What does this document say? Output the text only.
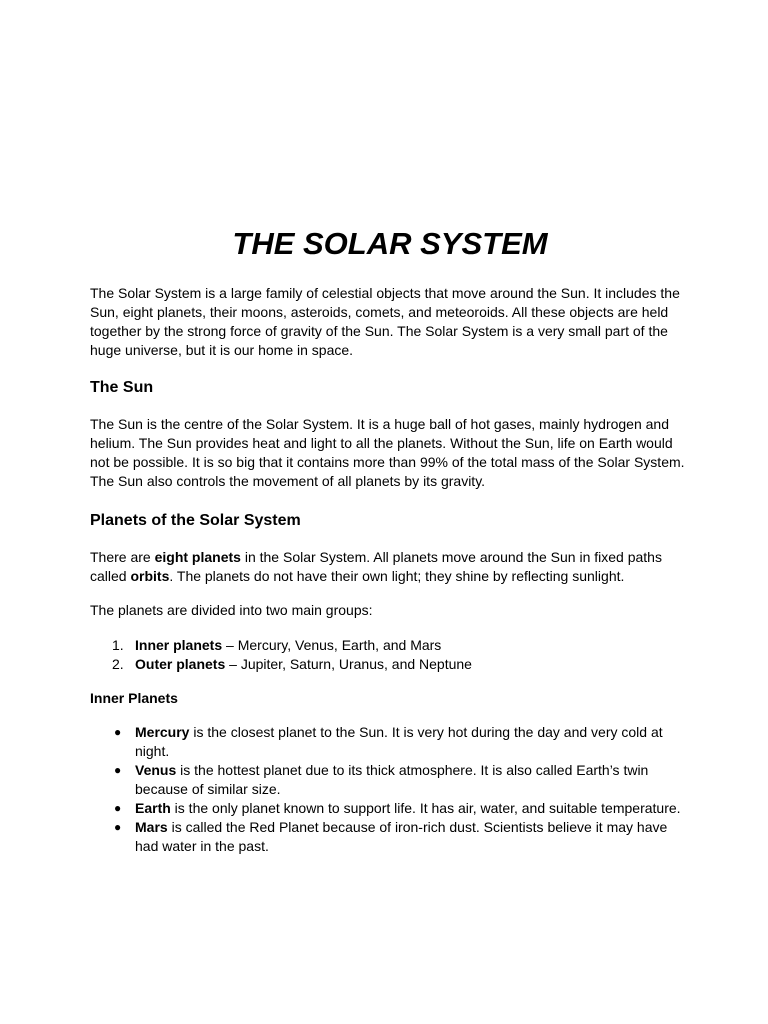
THE SOLAR SYSTEM

The Solar System is a large family of celestial objects that move around the Sun. It includes the Sun, eight planets, their moons, asteroids, comets, and meteoroids. All these objects are held together by the strong force of gravity of the Sun. The Solar System is a very small part of the huge universe, but it is our home in space.

The Sun

The Sun is the centre of the Solar System. It is a huge ball of hot gases, mainly hydrogen and helium. The Sun provides heat and light to all the planets. Without the Sun, life on Earth would not be possible. It is so big that it contains more than 99% of the total mass of the Solar System. The Sun also controls the movement of all planets by its gravity.

Planets of the Solar System

There are eight planets in the Solar System. All planets move around the Sun in fixed paths called orbits. The planets do not have their own light; they shine by reflecting sunlight.

The planets are divided into two main groups:

1. Inner planets – Mercury, Venus, Earth, and Mars
2. Outer planets – Jupiter, Saturn, Uranus, and Neptune
Inner Planets
● Mercury is the closest planet to the Sun. It is very hot during the day and very cold at night.
● Venus is the hottest planet due to its thick atmosphere. It is also called Earth’s twin because of similar size.
● Earth is the only planet known to support life. It has air, water, and suitable temperature.
● Mars is called the Red Planet because of iron-rich dust. Scientists believe it may have had water in the past.
